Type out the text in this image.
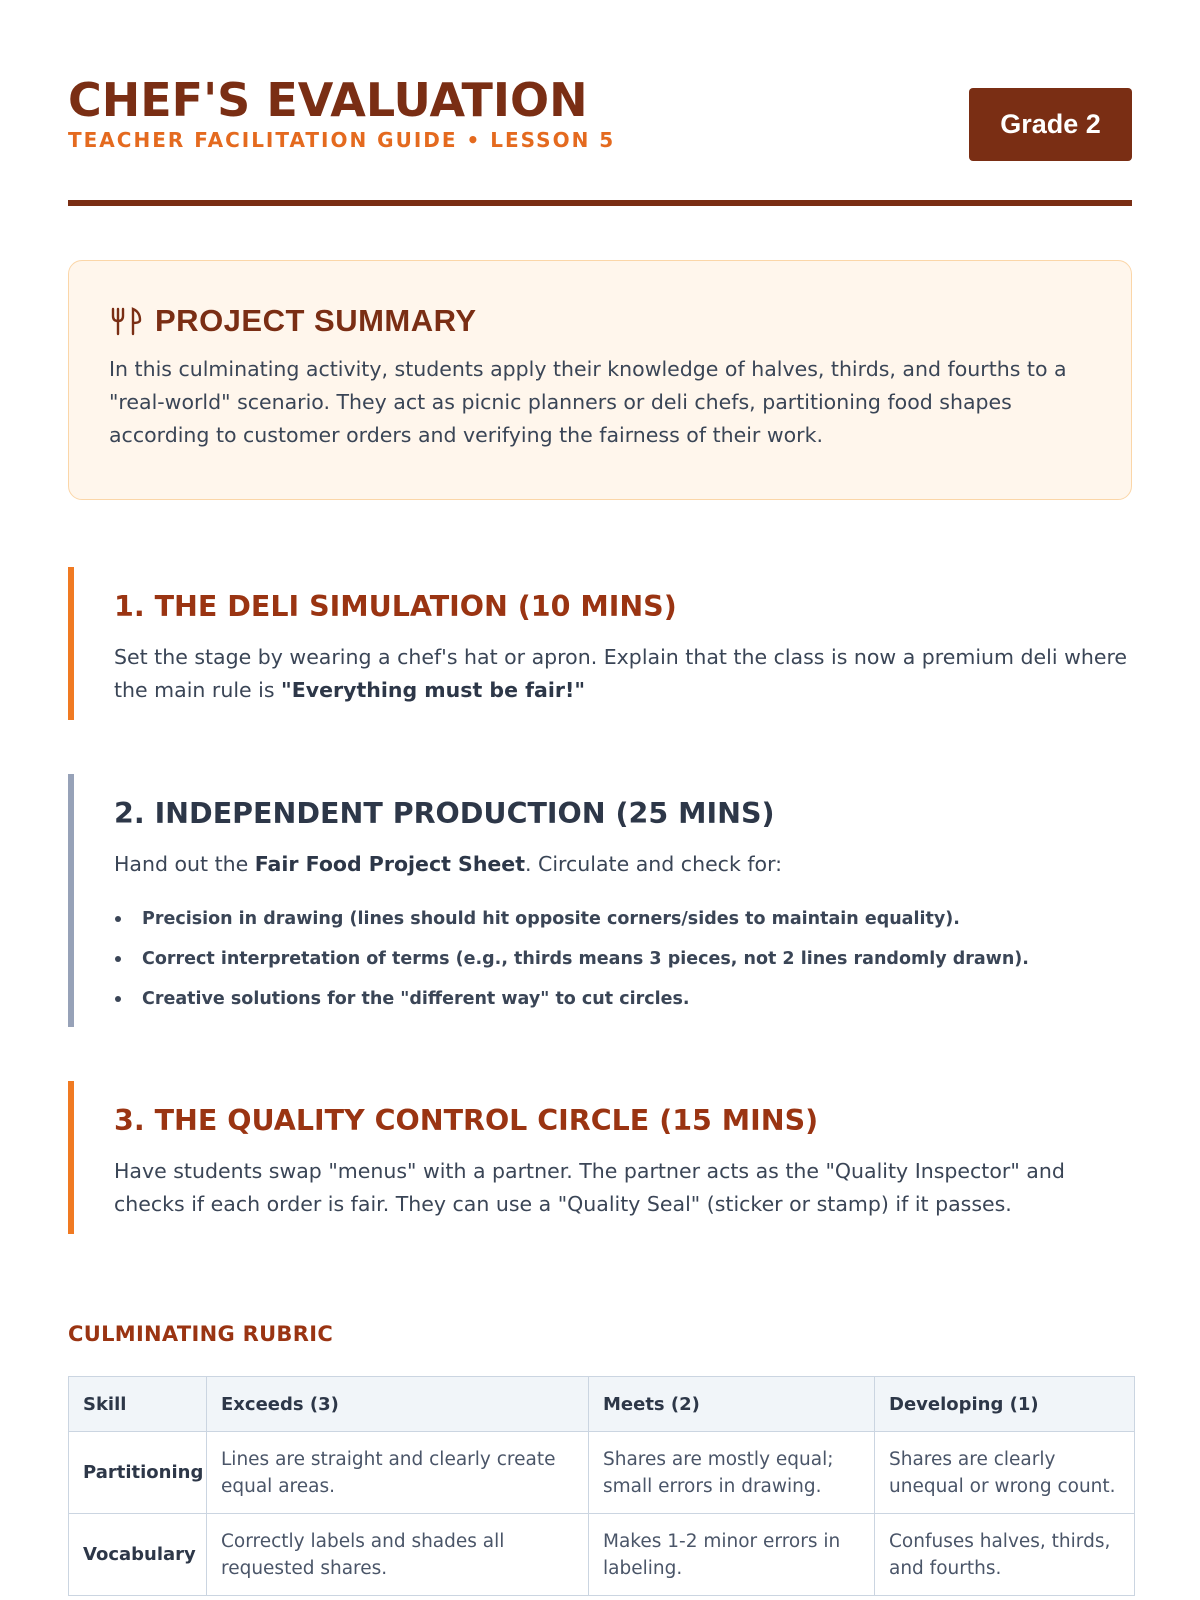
CHEF'S EVALUATION
TEACHER FACILITATION GUIDE • LESSON 5
Grade 2
PROJECT SUMMARY
In this culminating activity, students apply their knowledge of halves, thirds, and fourths to a "real-world" scenario. They act as picnic planners or deli chefs, partitioning food shapes according to customer orders and verifying the fairness of their work.
1. THE DELI SIMULATION (10 MINS)
Set the stage by wearing a chef's hat or apron. Explain that the class is now a premium deli where the main rule is "Everything must be fair!"
2. INDEPENDENT PRODUCTION (25 MINS)
Hand out the Fair Food Project Sheet. Circulate and check for:
Precision in drawing (lines should hit opposite corners/sides to maintain equality).
Correct interpretation of terms (e.g., thirds means 3 pieces, not 2 lines randomly drawn).
Creative solutions for the "different way" to cut circles.
3. THE QUALITY CONTROL CIRCLE (15 MINS)
Have students swap "menus" with a partner. The partner acts as the "Quality Inspector" and checks if each order is fair. They can use a "Quality Seal" (sticker or stamp) if it passes.
CULMINATING RUBRIC
Skill	Exceeds (3)	Meets (2)	Developing (1)
Partitioning	Lines are straight and clearly create equal areas.	Shares are mostly equal; small errors in drawing.	Shares are clearly unequal or wrong count.
Vocabulary	Correctly labels and shades all requested shares.	Makes 1-2 minor errors in labeling.	Confuses halves, thirds, and fourths.
